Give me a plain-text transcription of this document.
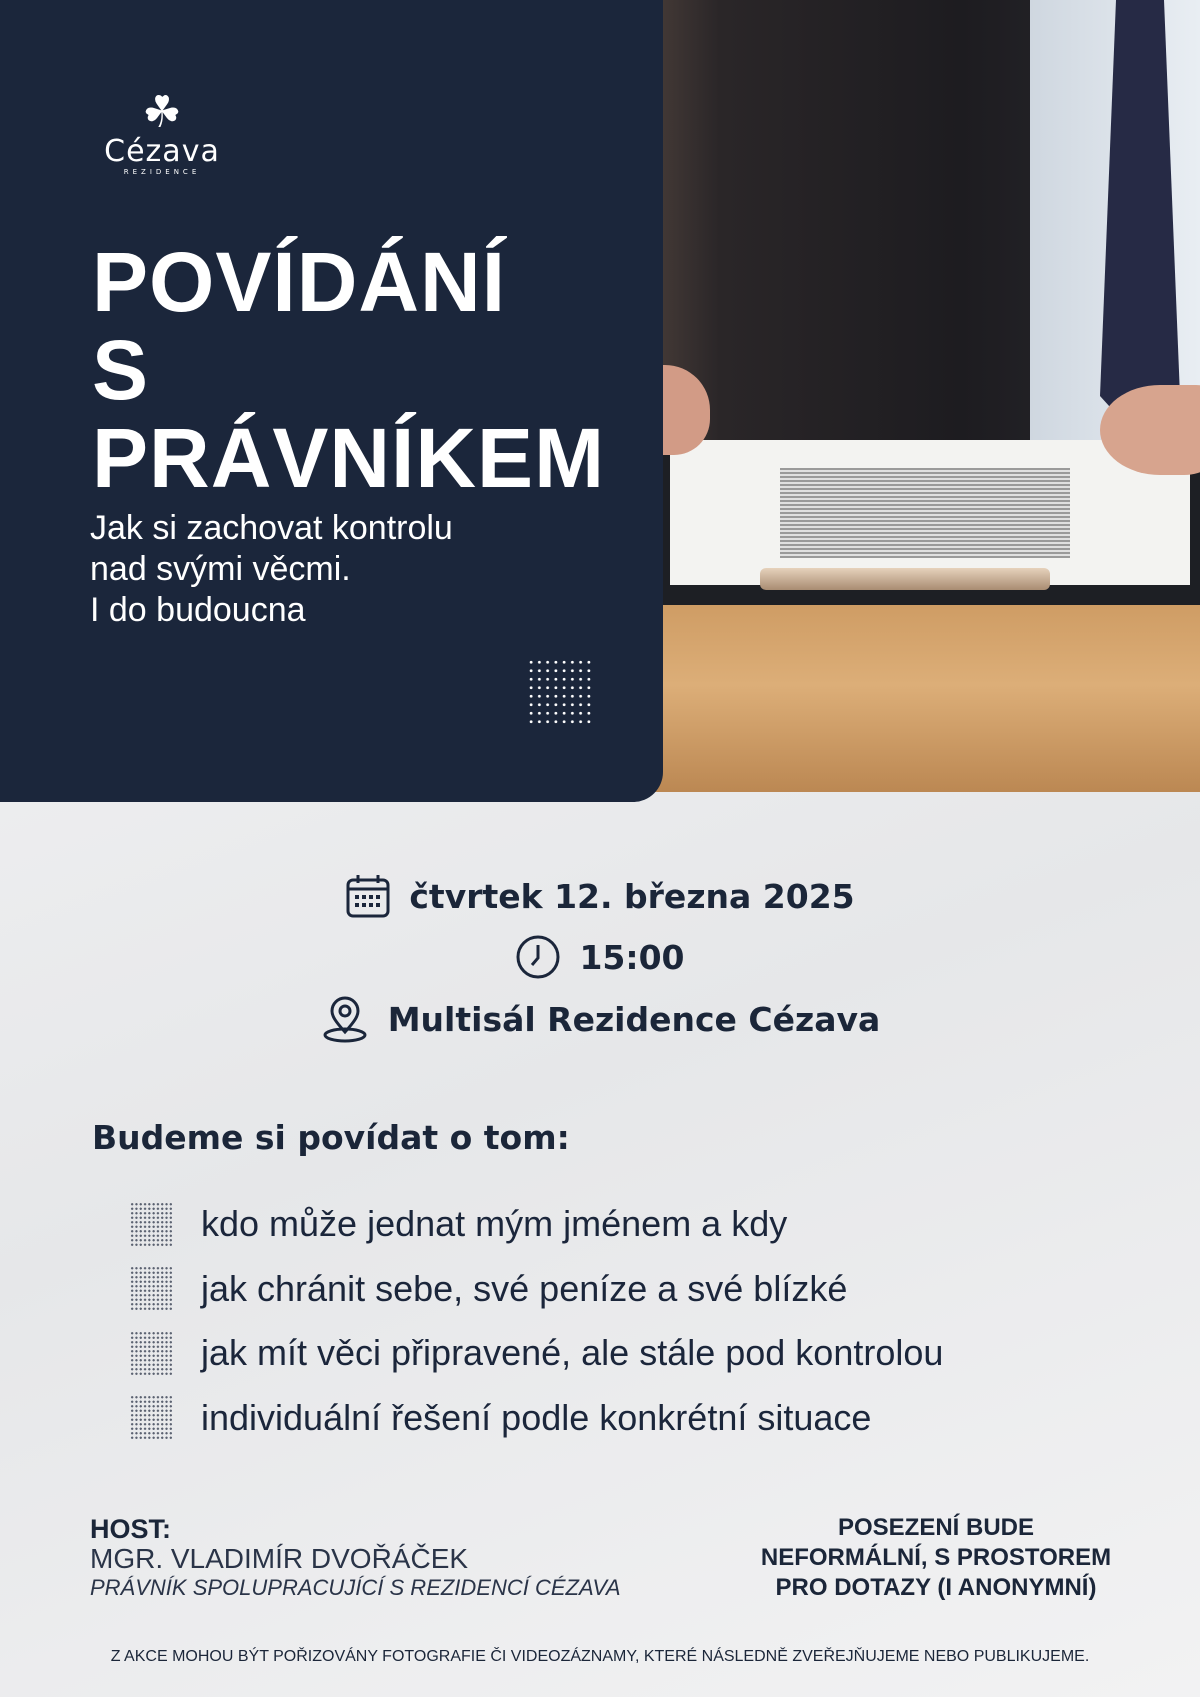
☘
Cézava
REZIDENCE
POVÍDÁNÍ
S
PRÁVNÍKEM
Jak si zachovat kontrolu
nad svými věcmi.
I do budoucna
čtvrtek 12. března 2025
15:00
Multisál Rezidence Cézava
Budeme si povídat o tom:
kdo může jednat mým jménem a kdy
jak chránit sebe, své peníze a své blízké
jak mít věci připravené, ale stále pod kontrolou
individuální řešení podle konkrétní situace
HOST:
MGR. VLADIMÍR DVOŘÁČEK
PRÁVNÍK SPOLUPRACUJÍCÍ S REZIDENCÍ CÉZAVA
POSEZENÍ BUDE
NEFORMÁLNÍ, S PROSTOREM
PRO DOTAZY (I ANONYMNÍ)
Z AKCE MOHOU BÝT POŘIZOVÁNY FOTOGRAFIE ČI VIDEOZÁZNAMY, KTERÉ NÁSLEDNĚ ZVEŘEJŇUJEME NEBO PUBLIKUJEME.
